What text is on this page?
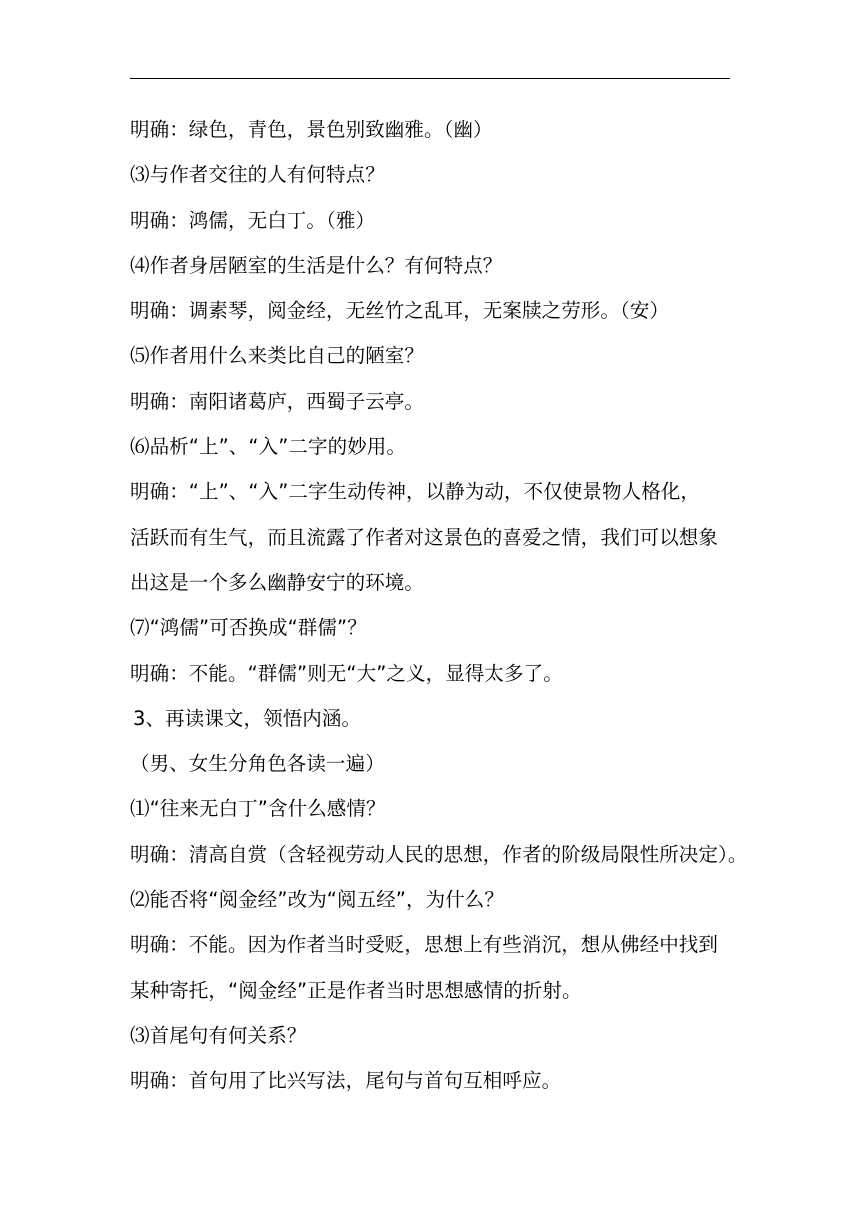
明确：绿色，青色，景色别致幽雅。（幽）
⑶与作者交往的人有何特点？
明确：鸿儒，无白丁。（雅）
⑷作者身居陋室的生活是什么？有何特点？
明确：调素琴，阅金经，无丝竹之乱耳，无案牍之劳形。（安）
⑸作者用什么来类比自己的陋室？
明确：南阳诸葛庐，西蜀子云亭。
⑹品析“上”、“入”二字的妙用。
明确：“上”、“入”二字生动传神，以静为动，不仅使景物人格化，
活跃而有生气，而且流露了作者对这景色的喜爱之情，我们可以想象
出这是一个多么幽静安宁的环境。
⑺“鸿儒”可否换成“群儒”？
明确：不能。“群儒”则无“大”之义，显得太多了。
3、再读课文，领悟内涵。
（男、女生分角色各读一遍）
⑴“往来无白丁”含什么感情？
明确：清高自赏（含轻视劳动人民的思想，作者的阶级局限性所决定）。
⑵能否将“阅金经”改为“阅五经”，为什么？
明确：不能。因为作者当时受贬，思想上有些消沉，想从佛经中找到
某种寄托，“阅金经”正是作者当时思想感情的折射。
⑶首尾句有何关系？
明确：首句用了比兴写法，尾句与首句互相呼应。
